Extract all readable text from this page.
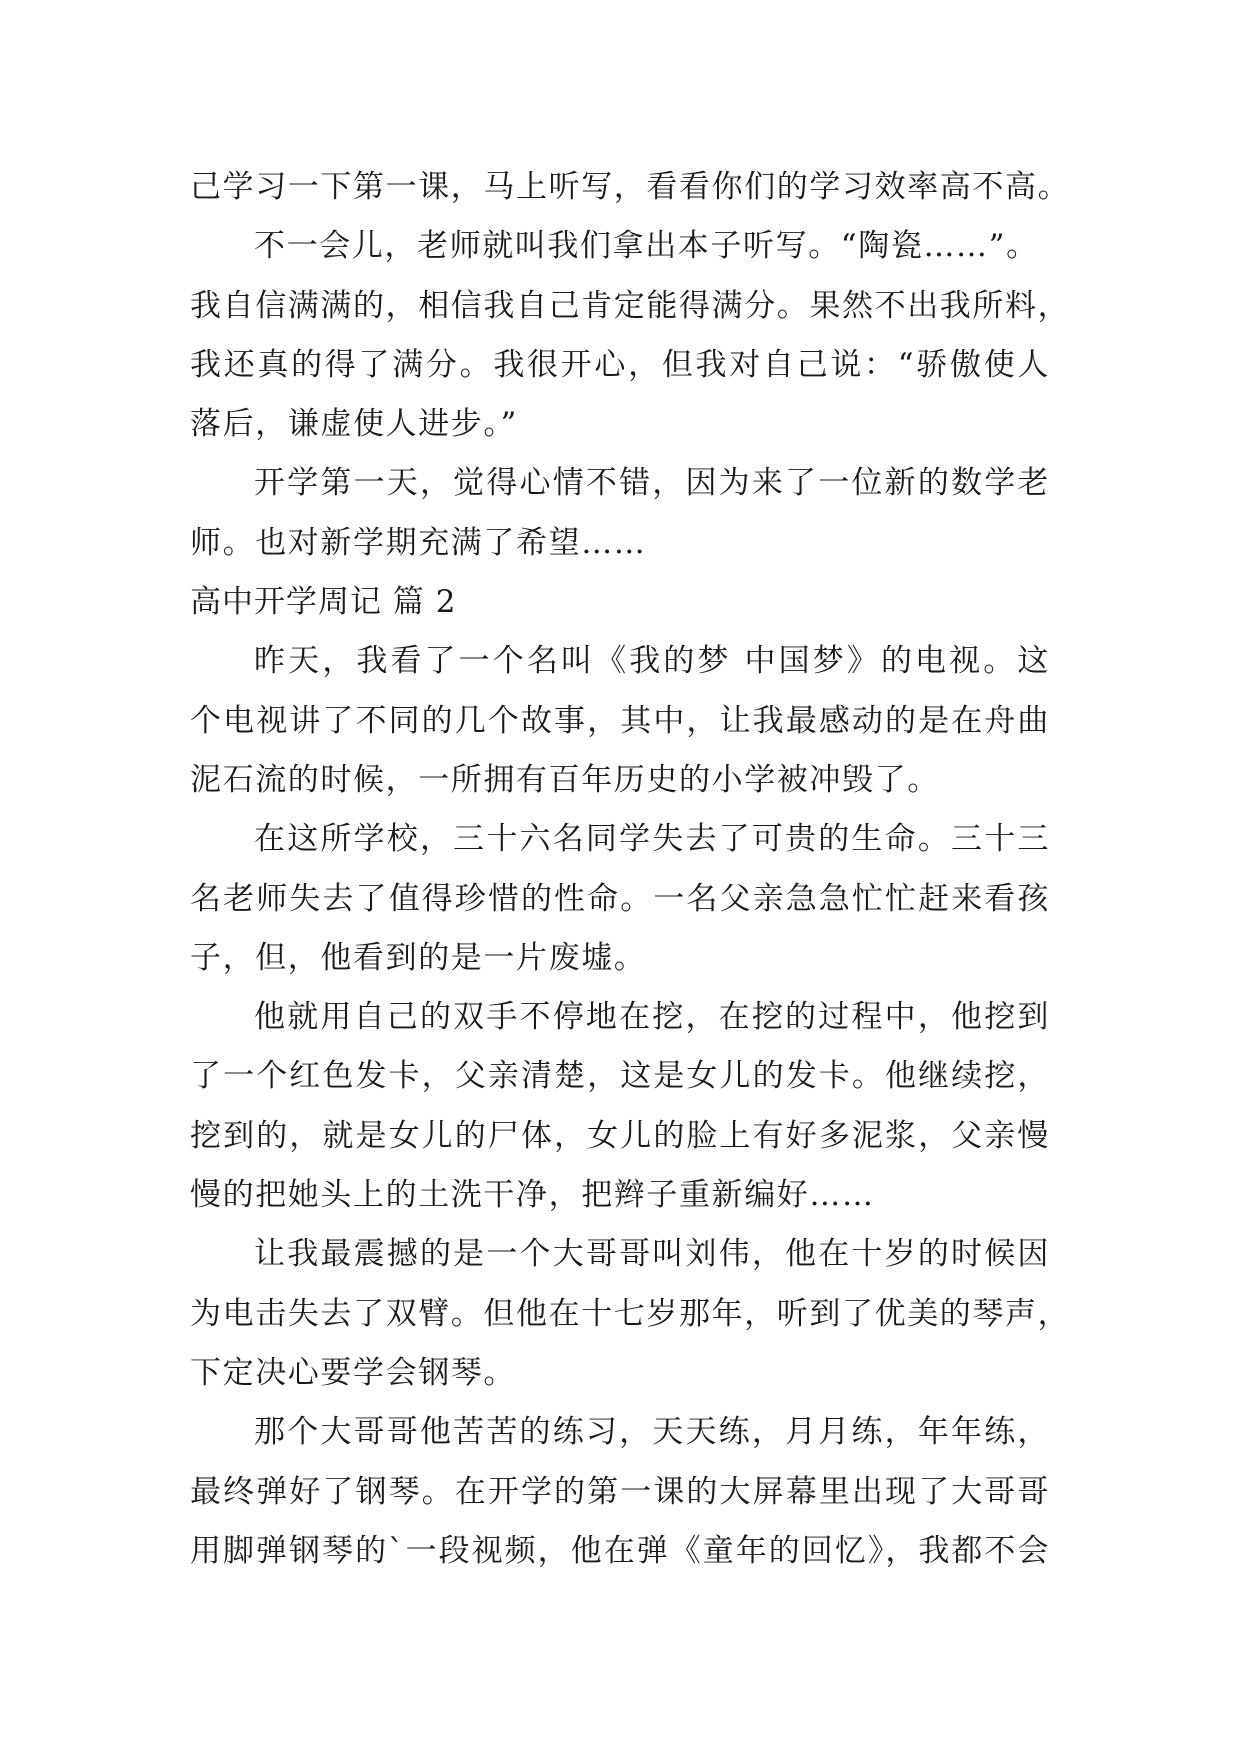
己学习一下第一课，马上听写，看看你们的学习效率高不高。
不一会儿，老师就叫我们拿出本子听写。“陶瓷……”。
我自信满满的，相信我自己肯定能得满分。果然不出我所料，
我还真的得了满分。我很开心，但我对自己说：“骄傲使人
落后，谦虚使人进步。”
开学第一天，觉得心情不错，因为来了一位新的数学老
师。也对新学期充满了希望……
高中开学周记 篇 2
昨天，我看了一个名叫《我的梦 中国梦》的电视。这
个电视讲了不同的几个故事，其中，让我最感动的是在舟曲
泥石流的时候，一所拥有百年历史的小学被冲毁了。
在这所学校，三十六名同学失去了可贵的生命。三十三
名老师失去了值得珍惜的性命。一名父亲急急忙忙赶来看孩
子，但，他看到的是一片废墟。
他就用自己的双手不停地在挖，在挖的过程中，他挖到
了一个红色发卡，父亲清楚，这是女儿的发卡。他继续挖，
挖到的，就是女儿的尸体，女儿的脸上有好多泥浆，父亲慢
慢的把她头上的土洗干净，把辫子重新编好……
让我最震撼的是一个大哥哥叫刘伟，他在十岁的时候因
为电击失去了双臂。但他在十七岁那年，听到了优美的琴声，
下定决心要学会钢琴。
那个大哥哥他苦苦的练习，天天练，月月练，年年练，
最终弹好了钢琴。在开学的第一课的大屏幕里出现了大哥哥
用脚弹钢琴的`一段视频，他在弹《童年的回忆》，我都不会
